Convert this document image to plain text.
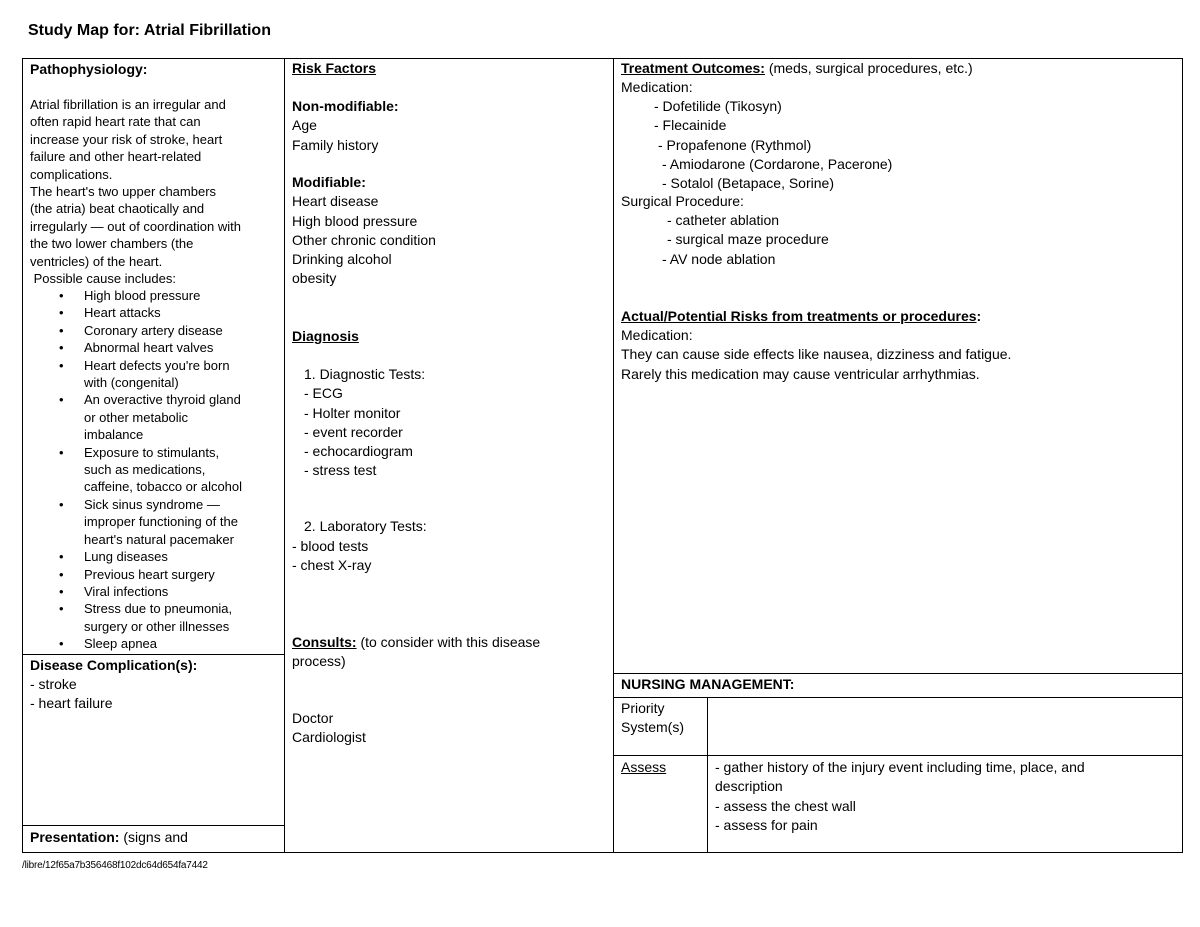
Study Map for: Atrial Fibrillation
Pathophysiology:
Atrial fibrillation is an irregular and
often rapid heart rate that can
increase your risk of stroke, heart
failure and other heart-related
complications.
The heart's two upper chambers
(the atria) beat chaotically and
irregularly — out of coordination with
the two lower chambers (the
ventricles) of the heart.
Possible cause includes:
• High blood pressure
• Heart attacks
• Coronary artery disease
• Abnormal heart valves
• Heart defects you're born
with (congenital)
• An overactive thyroid gland
or other metabolic
imbalance
• Exposure to stimulants,
such as medications,
caffeine, tobacco or alcohol
• Sick sinus syndrome —
improper functioning of the
heart's natural pacemaker
• Lung diseases
• Previous heart surgery
• Viral infections
• Stress due to pneumonia,
surgery or other illnesses
• Sleep apnea
Disease Complication(s):
- stroke
- heart failure
Presentation: (signs and
Risk Factors
Non-modifiable:
Age
Family history
Modifiable:
Heart disease
High blood pressure
Other chronic condition
Drinking alcohol
obesity
Diagnosis
1. Diagnostic Tests:
- ECG
- Holter monitor
- event recorder
- echocardiogram
- stress test
2. Laboratory Tests:
- blood tests
- chest X-ray
Consults: (to consider with this disease
process)
Doctor
Cardiologist
Treatment Outcomes: (meds, surgical procedures, etc.)
Medication:
- Dofetilide (Tikosyn)
- Flecainide
- Propafenone (Rythmol)
- Amiodarone (Cordarone, Pacerone)
- Sotalol (Betapace, Sorine)
Surgical Procedure:
- catheter ablation
- surgical maze procedure
- AV node ablation
Actual/Potential Risks from treatments or procedures:
Medication:
They can cause side effects like nausea, dizziness and fatigue.
Rarely this medication may cause ventricular arrhythmias.
NURSING MANAGEMENT:
Priority
System(s)
Assess	- gather history of the injury event including time, place, and
description
- assess the chest wall
- assess for pain
/libre/12f65a7b356468f102dc64d654fa7442
